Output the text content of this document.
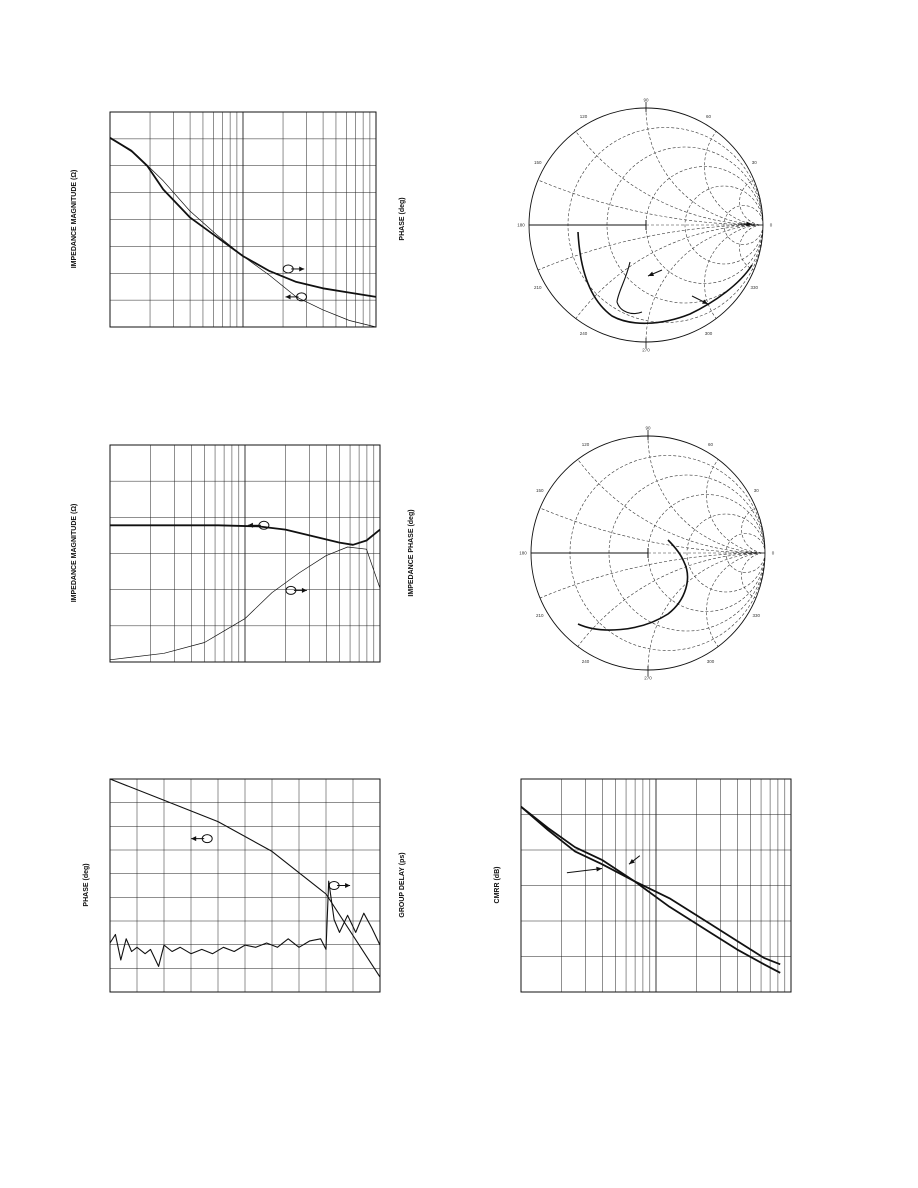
IMPEDANCE MAGNITUDE (Ω)	PHASE (deg)
IMPEDANCE MAGNITUDE (Ω)	IMPEDANCE PHASE (deg)
PHASE (deg)	GROUP DELAY (ps)	CMRR (dB)
0
30
60
90
120
150
180
210
240
270
300
330
0
30
60
90
120
150
180
210
240
270
300
330
